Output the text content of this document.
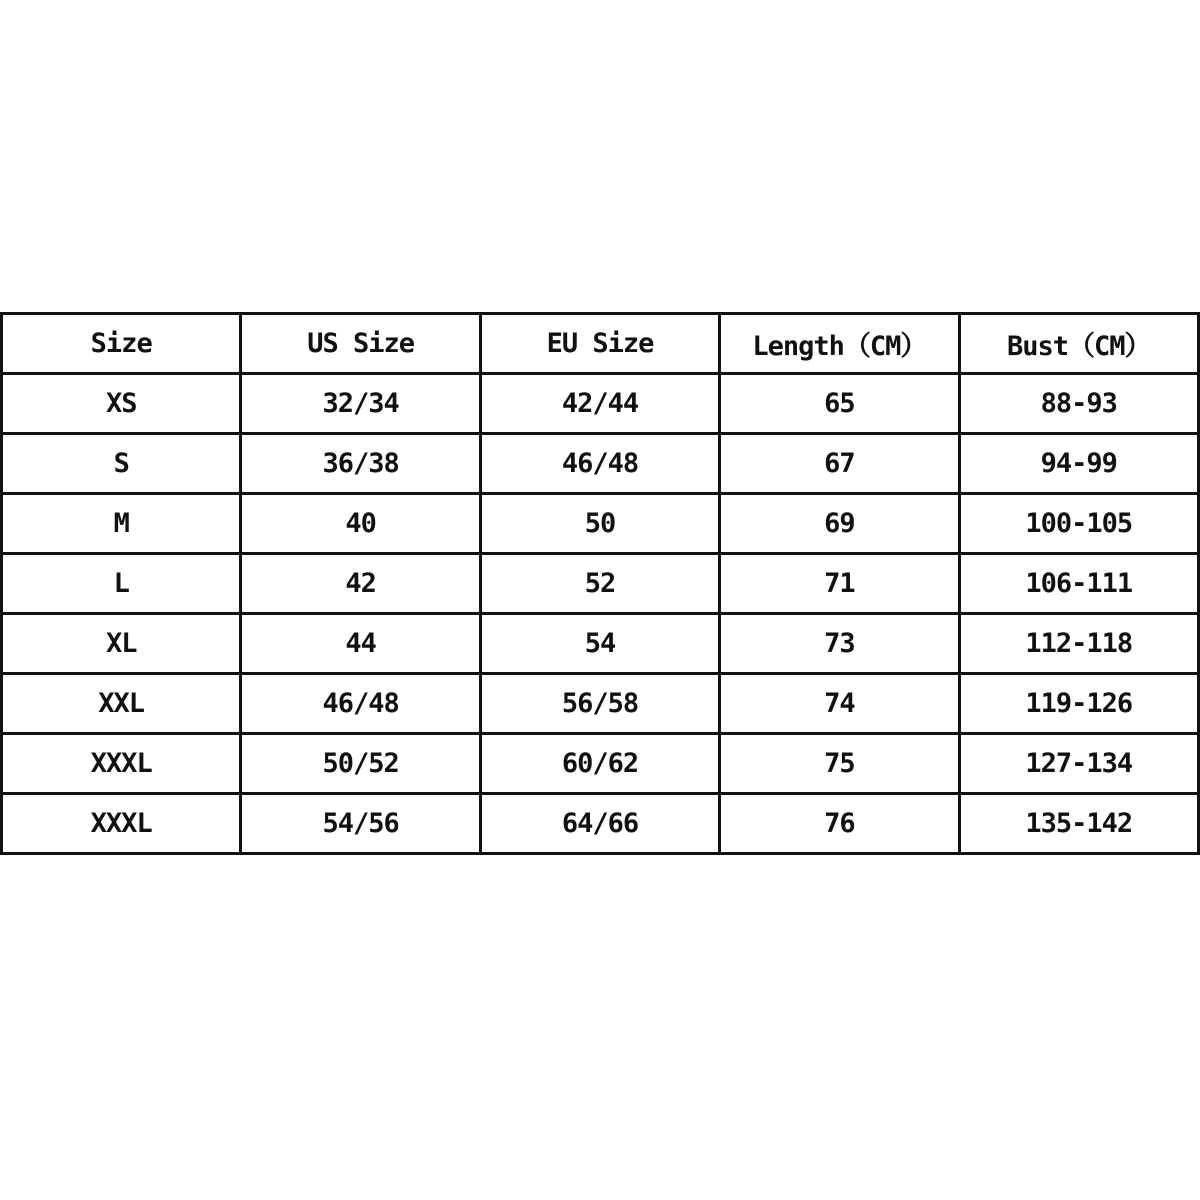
Size	US Size	EU Size	Length（CM）	Bust（CM）
XS	32/34	42/44	65	88-93
S	36/38	46/48	67	94-99
M	40	50	69	100-105
L	42	52	71	106-111
XL	44	54	73	112-118
XXL	46/48	56/58	74	119-126
XXXL	50/52	60/62	75	127-134
XXXL	54/56	64/66	76	135-142
